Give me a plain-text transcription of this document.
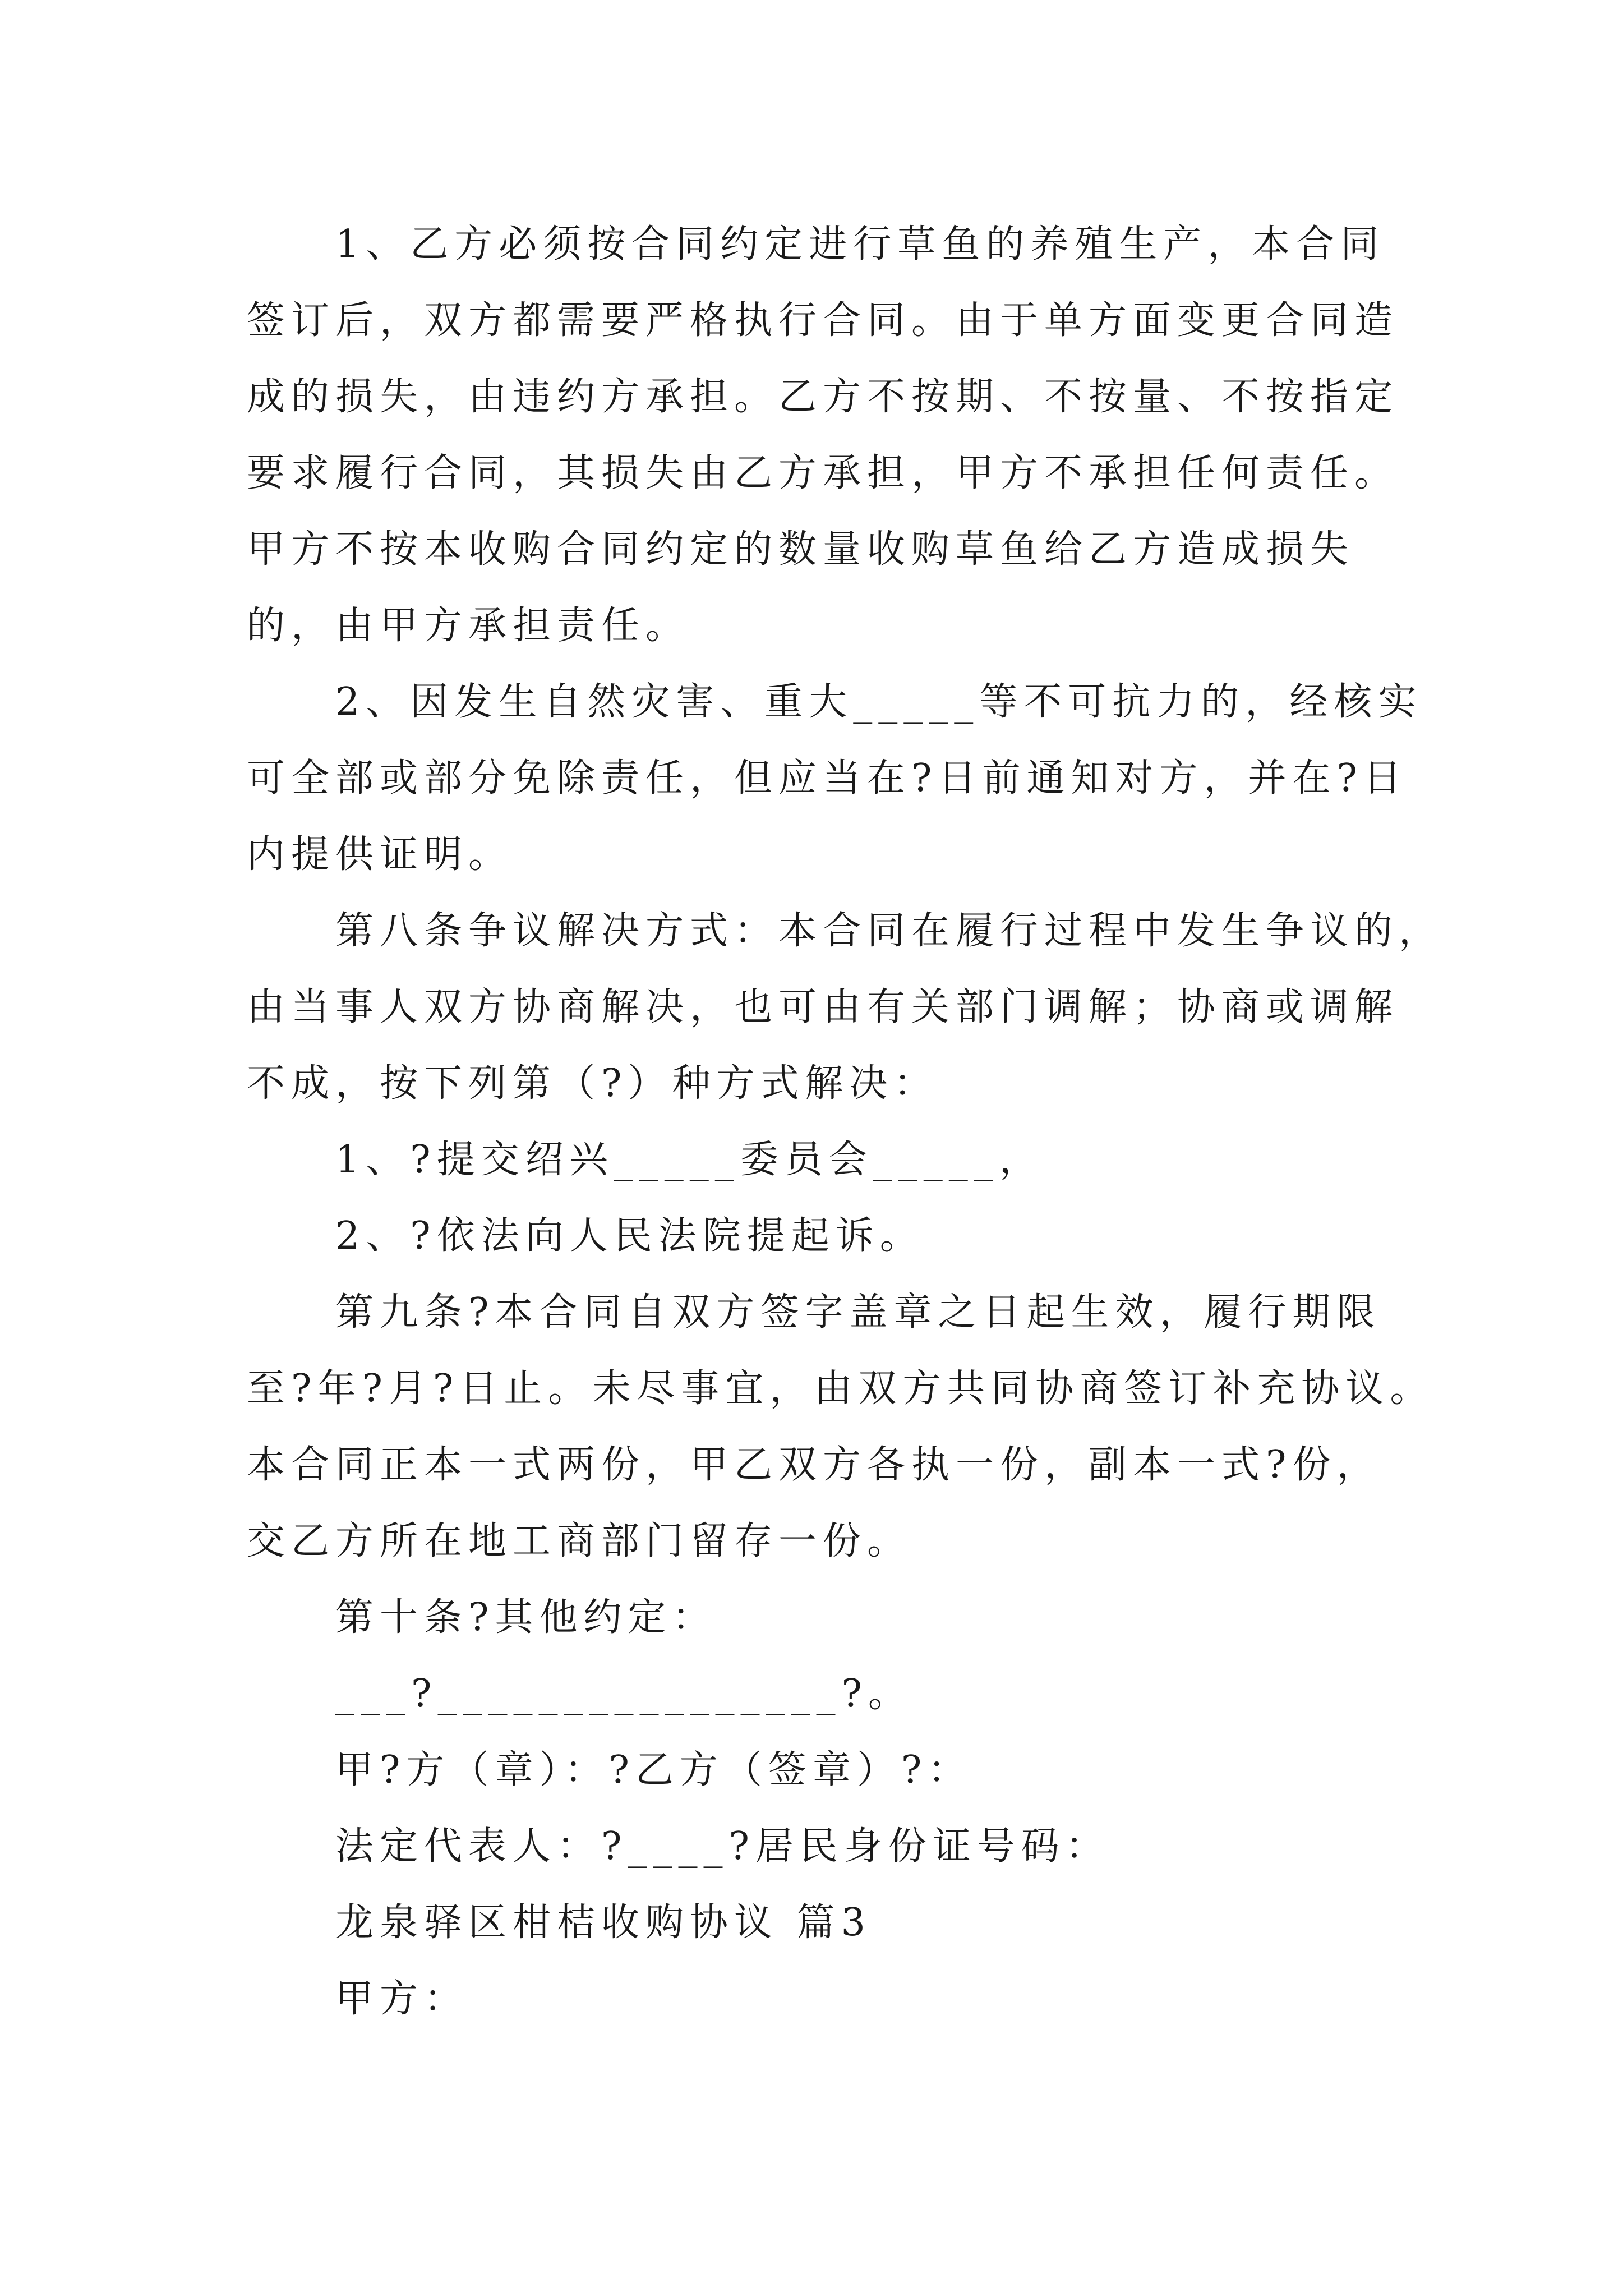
1、乙方必须按合同约定进行草鱼的养殖生产，本合同
签订后，双方都需要严格执行合同。由于单方面变更合同造
成的损失，由违约方承担。乙方不按期、不按量、不按指定
要求履行合同，其损失由乙方承担，甲方不承担任何责任。
甲方不按本收购合同约定的数量收购草鱼给乙方造成损失
的，由甲方承担责任。
2、因发生自然灾害、重大_____等不可抗力的，经核实
可全部或部分免除责任，但应当在?日前通知对方，并在?日
内提供证明。
第八条争议解决方式：本合同在履行过程中发生争议的，
由当事人双方协商解决，也可由有关部门调解；协商或调解
不成，按下列第（?）种方式解决：
1、?提交绍兴_____委员会_____，
2、?依法向人民法院提起诉。
第九条?本合同自双方签字盖章之日起生效，履行期限
至?年?月?日止。未尽事宜，由双方共同协商签订补充协议。
本合同正本一式两份，甲乙双方各执一份，副本一式?份，
交乙方所在地工商部门留存一份。
第十条?其他约定：
___?________________?。
甲?方（章）：?乙方（签章）?：
法定代表人：?____?居民身份证号码：
龙泉驿区柑桔收购协议 篇3
甲方：
